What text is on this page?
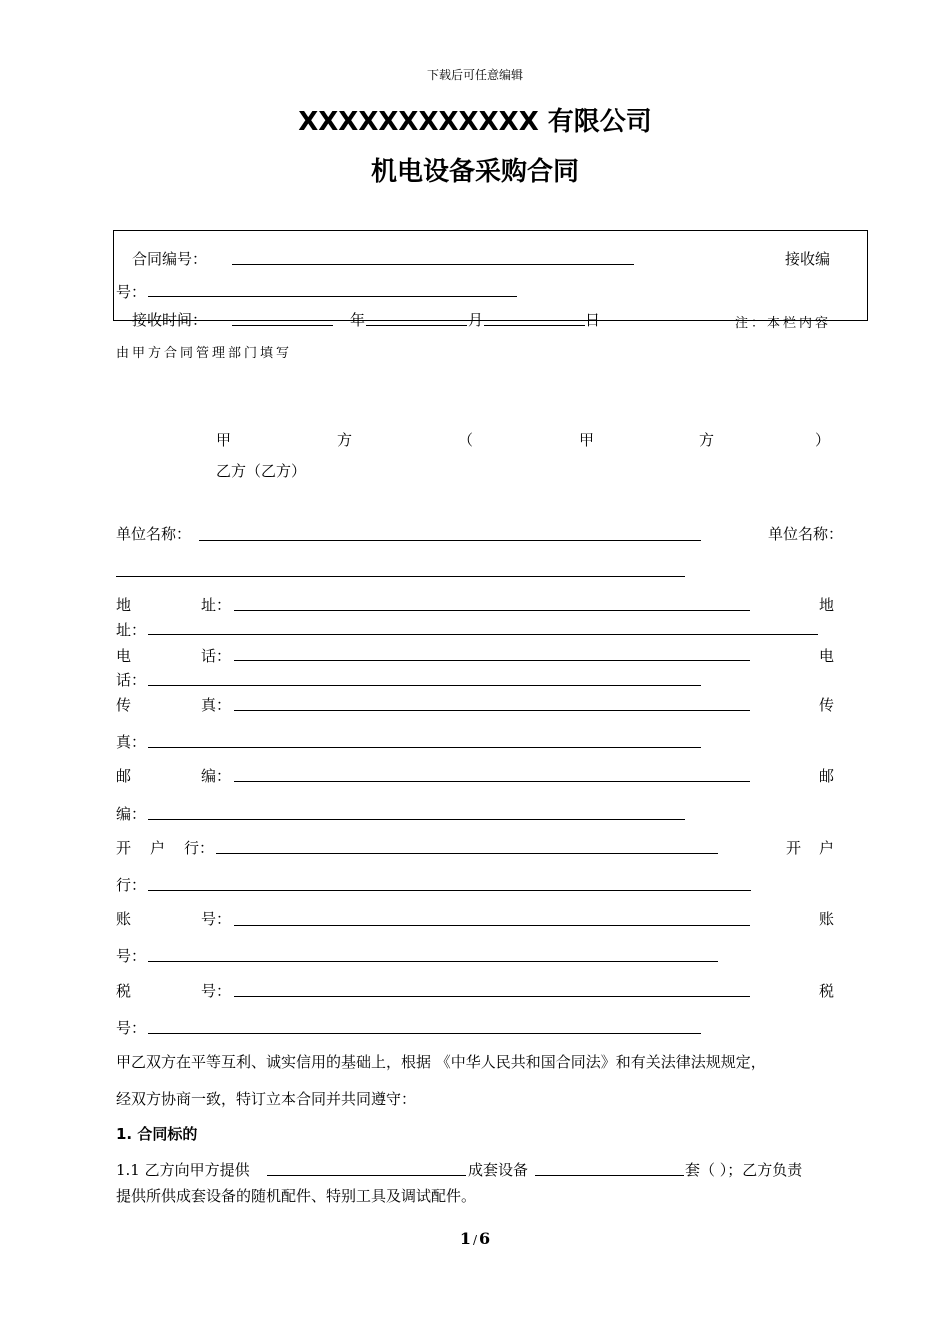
下载后可任意编辑
XXXXXXXXXXXX 有限公司
机电设备采购合同
合同编号：	接收编
号：
接收时间：	年	月	日	注：本栏内容
由甲方合同管理部门填写
甲	方	（	甲	方	）
乙方（乙方）
单位名称：	单位名称：
地	址：	地
址：
电	话：	电
话：
传	真：	传
真：
邮	编：	邮
编：
开 户 行：	开 户
行：
账	号：	账
号：
税	号：	税
号：
甲乙双方在平等互利、诚实信用的基础上，根据 《中华人民共和国合同法》和有关法律法规规定，
经双方协商一致，特订立本合同并共同遵守：
1. 合同标的
1.1 乙方向甲方提供	成套设备	套（ ）；乙方负责
提供所供成套设备的随机配件、特别工具及调试配件。
1 / 6
